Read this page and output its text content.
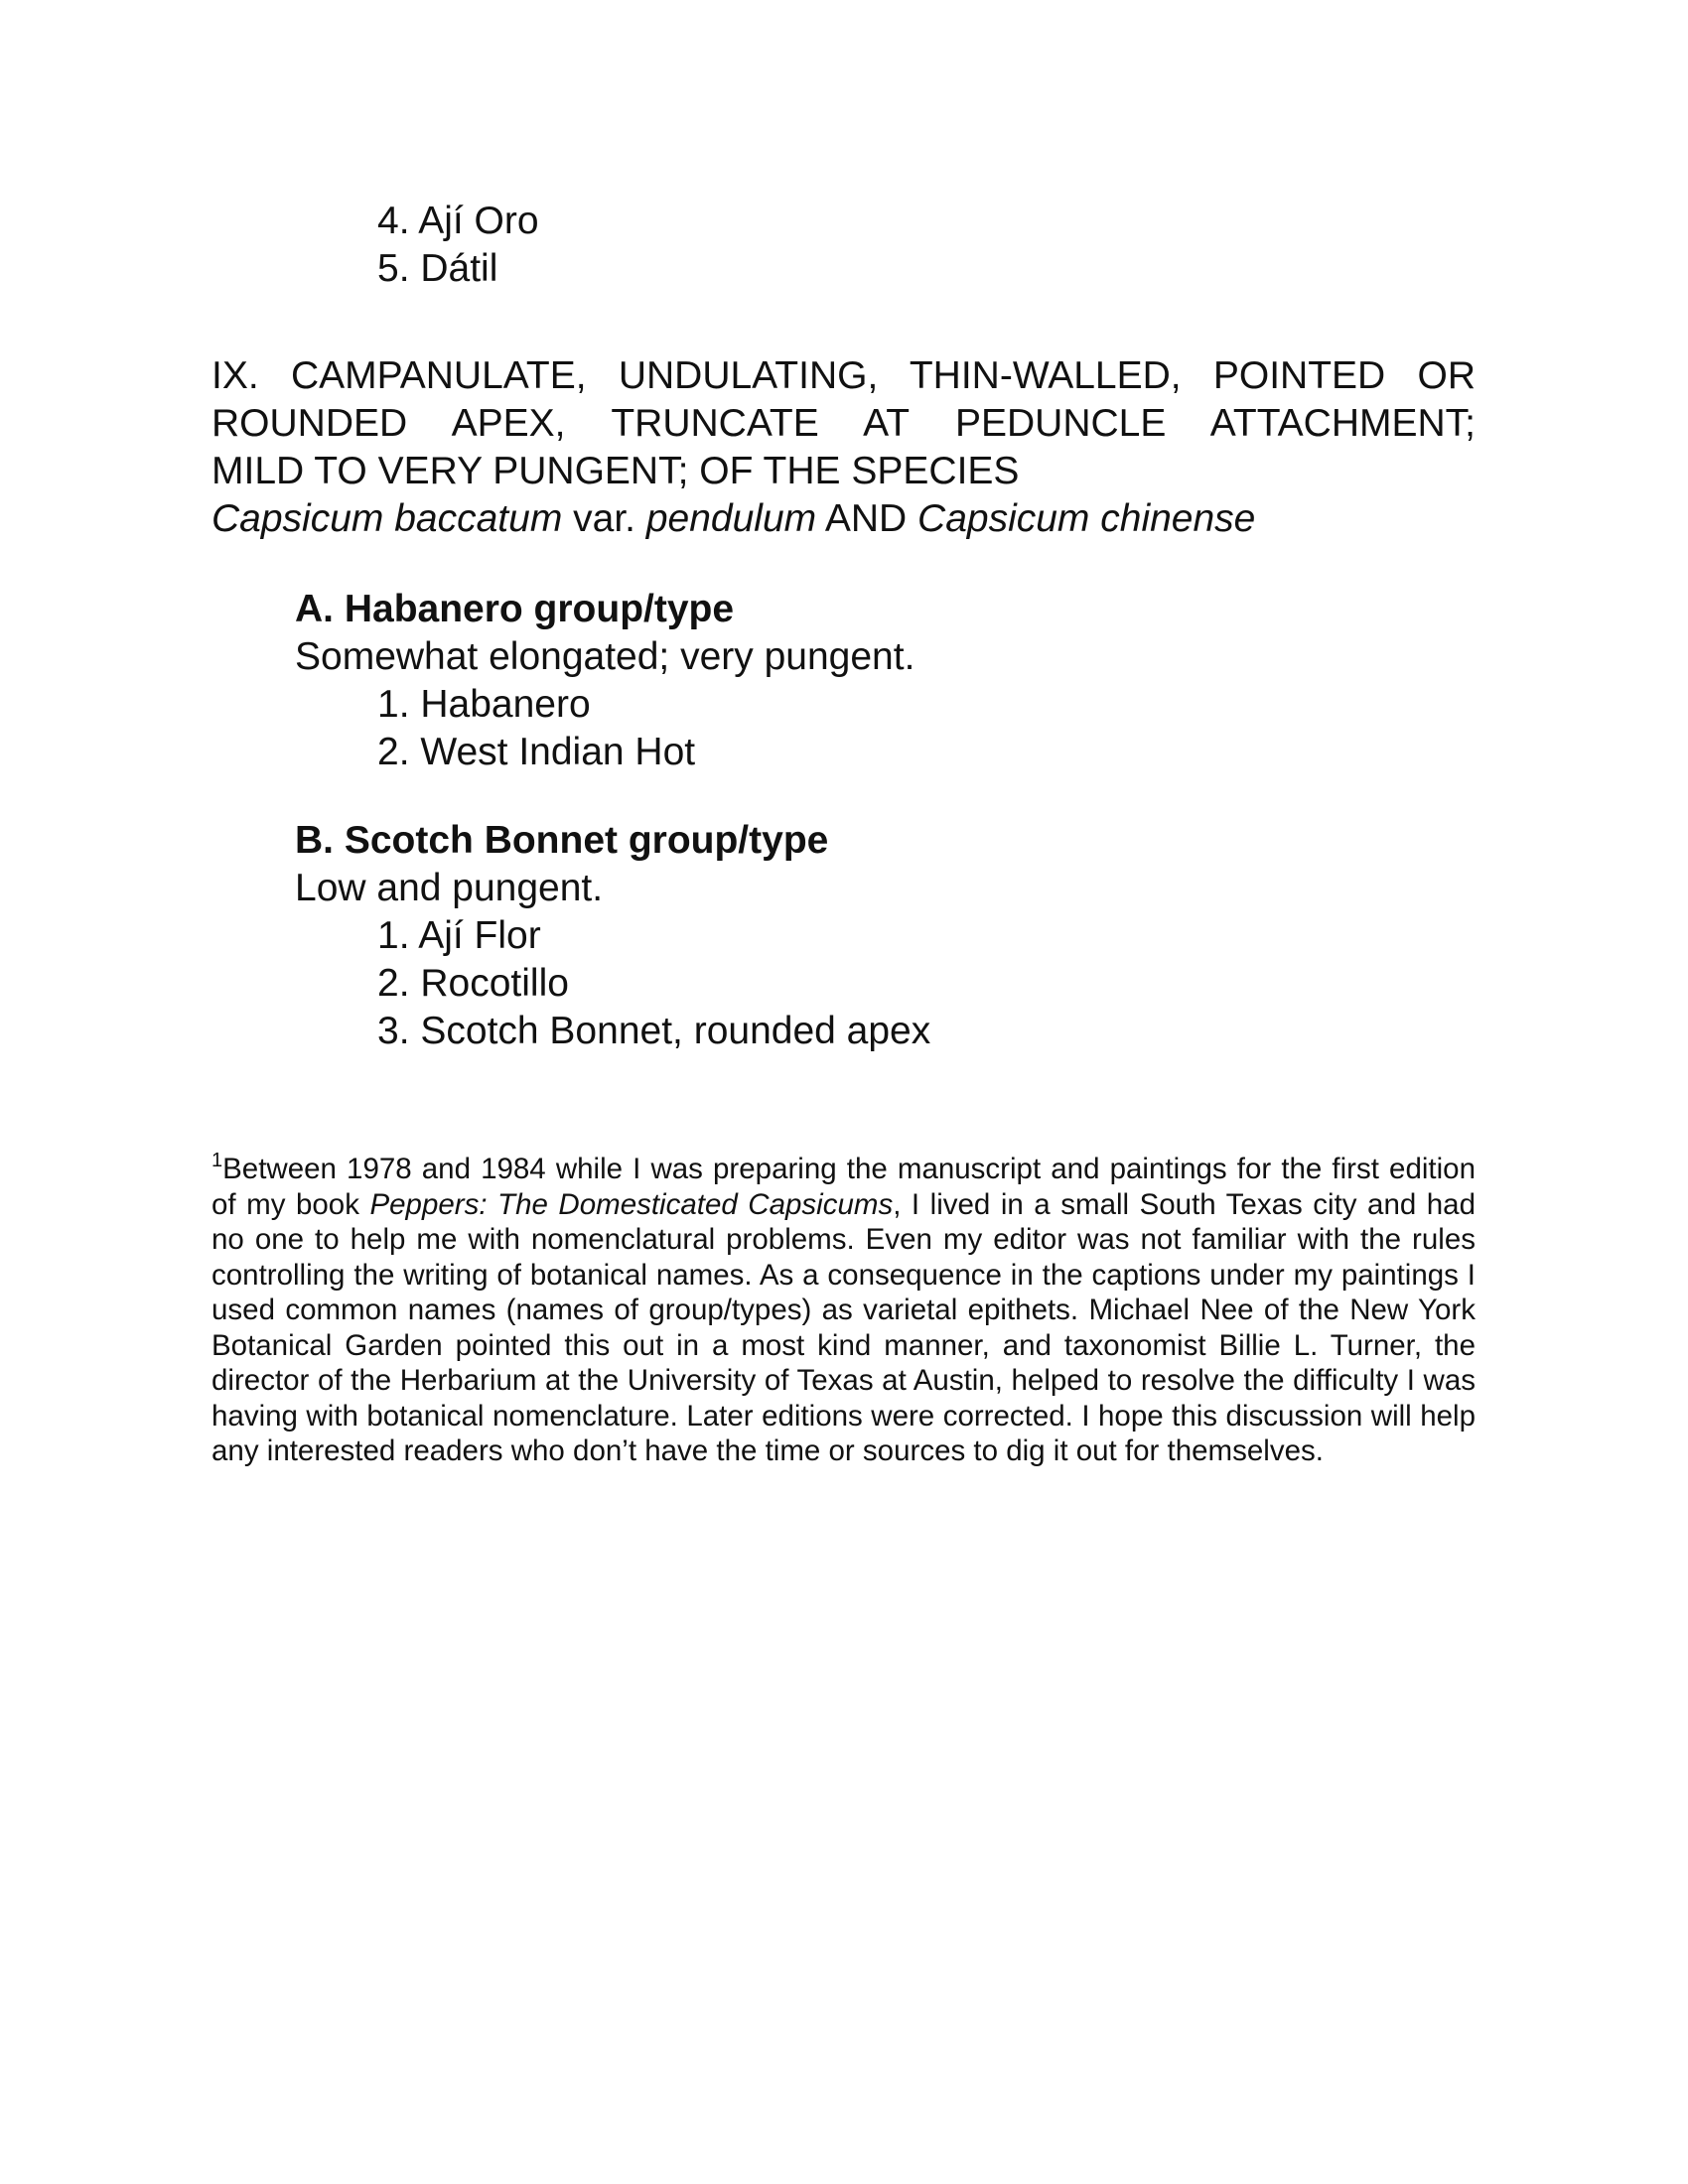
4. Ají Oro
5. Dátil
IX. CAMPANULATE, UNDULATING, THIN-WALLED, POINTED OR
ROUNDED APEX, TRUNCATE AT PEDUNCLE ATTACHMENT;
MILD TO VERY PUNGENT; OF THE SPECIES
Capsicum baccatum var. pendulum AND Capsicum chinense
A. Habanero group/type

Somewhat elongated; very pungent.

1. Habanero
2. West Indian Hot
B. Scotch Bonnet group/type

Low and pungent.

1. Ají Flor
2. Rocotillo
3. Scotch Bonnet, rounded apex

$^1$Between 1978 and 1984 while I was preparing the manuscript and paintings for the first edition of my book Peppers: The Domesticated Capsicums, I lived in a small South Texas city and had no one to help me with nomenclatural problems. Even my editor was not familiar with the rules controlling the writing of botanical names. As a consequence in the captions under my paintings I used common names (names of group/types) as varietal epithets. Michael Nee of the New York Botanical Garden pointed this out in a most kind manner, and taxonomist Billie L. Turner, the director of the Herbarium at the University of Texas at Austin, helped to resolve the difficulty I was having with botanical nomenclature. Later editions were corrected. I hope this discussion will help any interested readers who don’t have the time or sources to dig it out for themselves.
